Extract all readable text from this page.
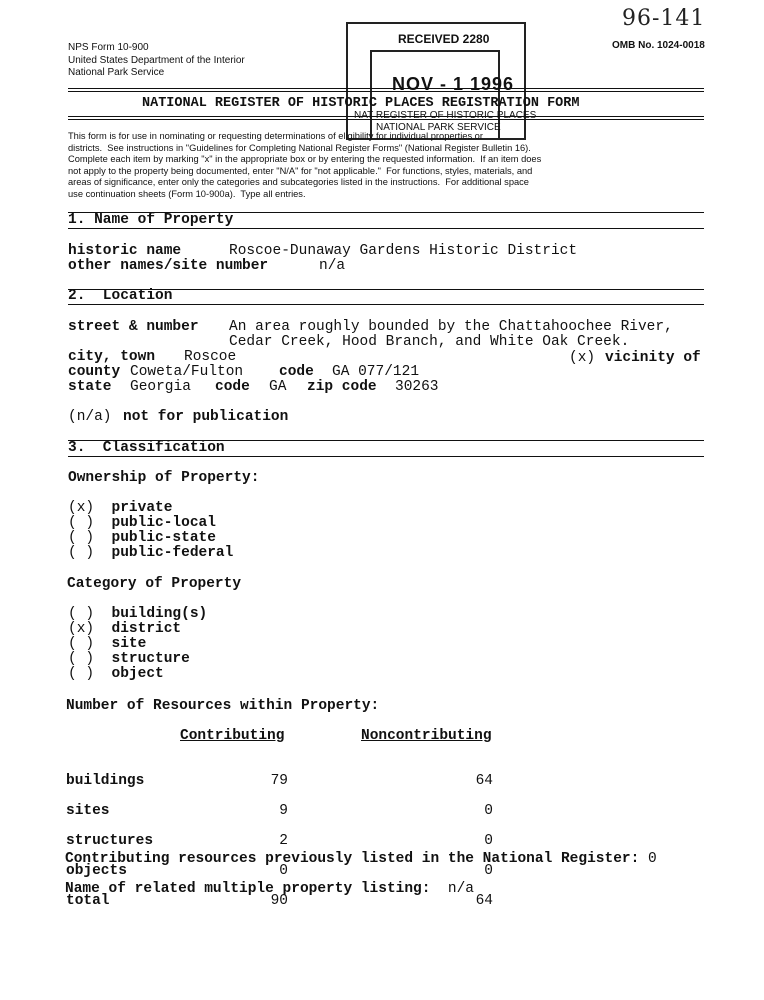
96-141
NPS Form 10-900
United States Department of the Interior
National Park Service
OMB No. 1024-0018
RECEIVED 2280
NOV - 1 1996
NAT REGISTER OF HISTORIC PLACES
NATIONAL PARK SERVICE
NATIONAL REGISTER OF HISTORIC PLACES REGISTRATION FORM
This form is for use in nominating or requesting determinations of eligibility for individual properties or
districts.  See instructions in "Guidelines for Completing National Register Forms" (National Register Bulletin 16).
Complete each item by marking "x" in the appropriate box or by entering the requested information.  If an item does
not apply to the property being documented, enter "N/A" for "not applicable."  For functions, styles, materials, and
areas of significance, enter only the categories and subcategories listed in the instructions.  For additional space
use continuation sheets (Form 10-900a).  Type all entries.
1. Name of Property
historic name	Roscoe-Dunaway Gardens Historic District
other names/site number	n/a
2.  Location
street & number An area roughly bounded by the Chattahoochee River,
Cedar Creek, Hood Branch, and White Oak Creek.
city, town Roscoe	(x) vicinity of
county Coweta/Fulton code GA 077/121
state Georgia code GA zip code 30263
(n/a) not for publication
3.  Classification
Ownership of Property:
(x) private
( ) public-local
( ) public-state
( ) public-federal
Category of Property
( ) building(s)
(x) district
( ) site
( ) structure
( ) object
Number of Resources within Property:
Contributing	Noncontributing

buildings	79	64

sites	9	0

structures	2	0

objects	0	0

total	90	64

Contributing resources previously listed in the National Register: 0
Name of related multiple property listing: n/a
